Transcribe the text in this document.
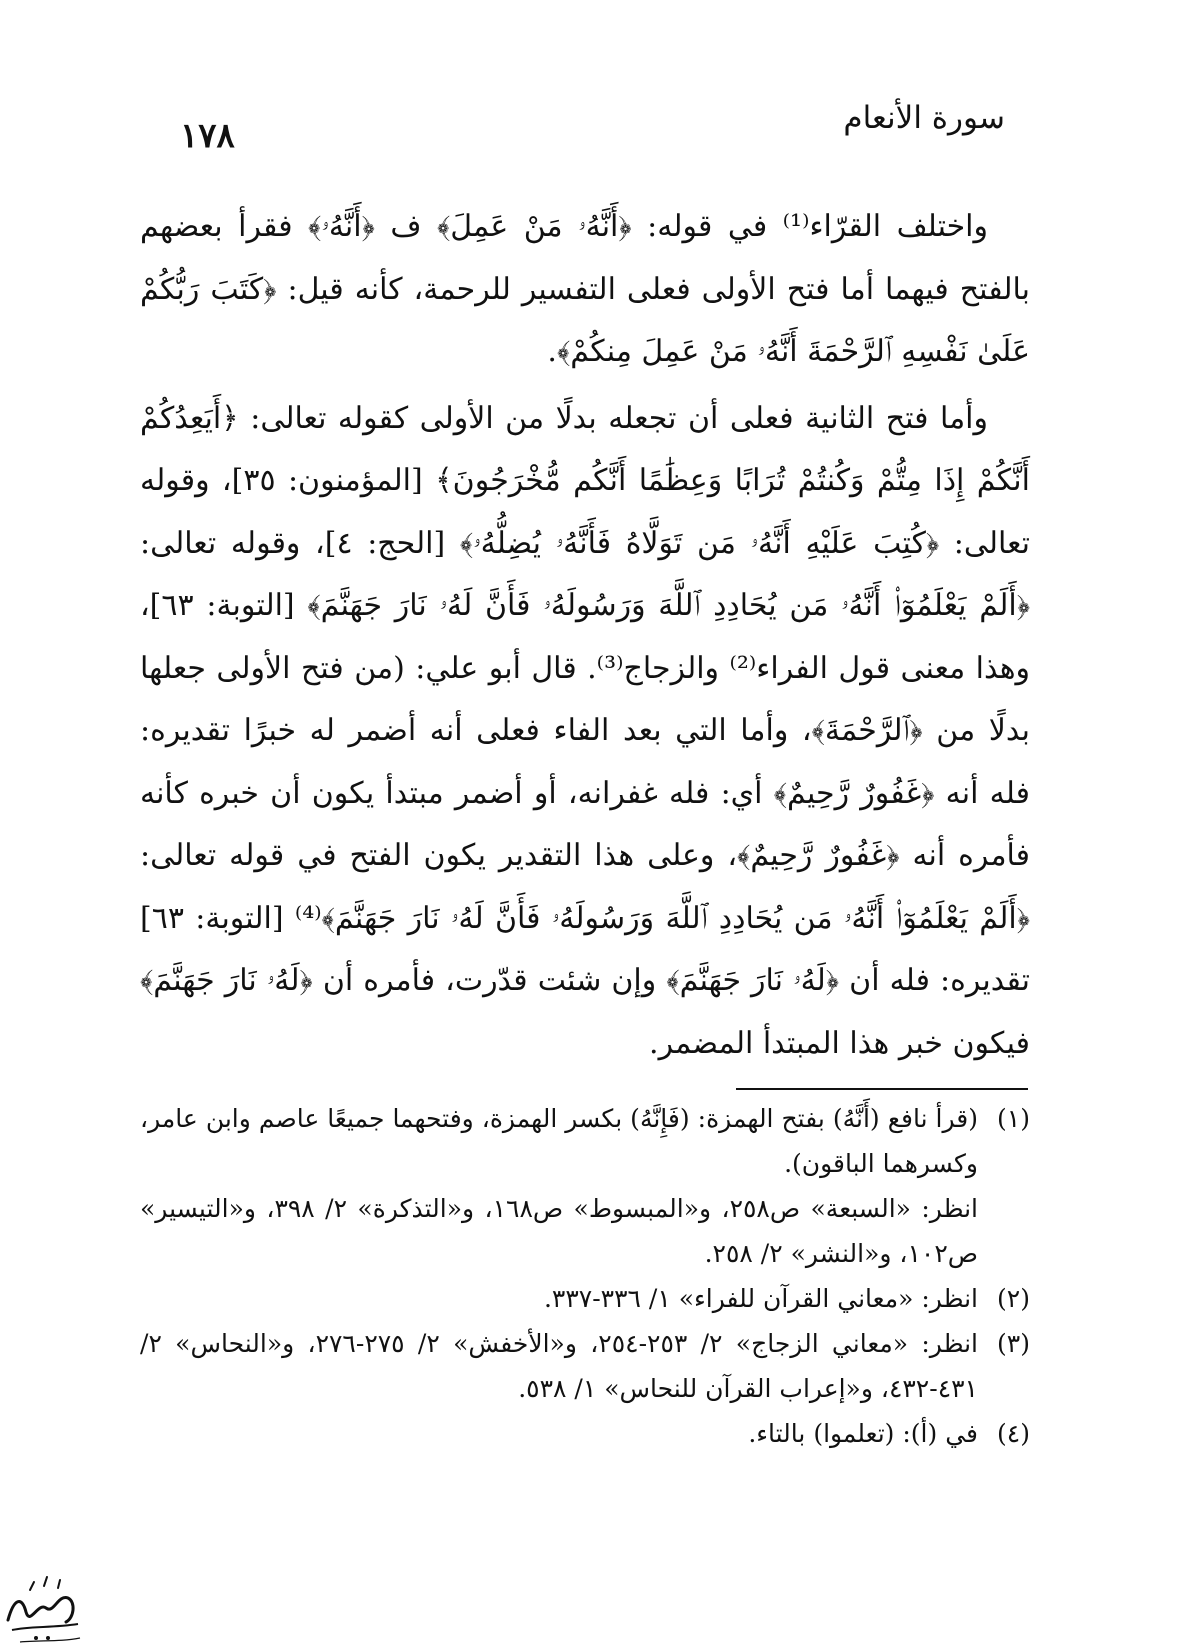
سورة الأنعام
١٧٨

واختلف القرّاء⁽¹⁾ في قوله: ﴿أَنَّهُۥ مَنْ عَمِلَ﴾ ف ﴿أَنَّهُۥ﴾ فقرأ بعضهم بالفتح فيهما أما فتح الأولى فعلى التفسير للرحمة، كأنه قيل: ﴿كَتَبَ رَبُّكُمْ عَلَىٰ نَفْسِهِ ٱلرَّحْمَةَ أَنَّهُۥ مَنْ عَمِلَ مِنكُمْ﴾.

وأما فتح الثانية فعلى أن تجعله بدلًا من الأولى كقوله تعالى: ﴿أَيَعِدُكُمْ أَنَّكُمْ إِذَا مِتُّمْ وَكُنتُمْ تُرَابًا وَعِظَٰمًا أَنَّكُم مُّخْرَجُونَ﴾ [المؤمنون: ٣٥]، وقوله تعالى: ﴿كُتِبَ عَلَيْهِ أَنَّهُۥ مَن تَوَلَّاهُ فَأَنَّهُۥ يُضِلُّهُۥ﴾ [الحج: ٤]، وقوله تعالى: ﴿أَلَمْ يَعْلَمُوٓا۟ أَنَّهُۥ مَن يُحَادِدِ ٱللَّهَ وَرَسُولَهُۥ فَأَنَّ لَهُۥ نَارَ جَهَنَّمَ﴾ [التوبة: ٦٣]، وهذا معنى قول الفراء⁽²⁾ والزجاج⁽³⁾. قال أبو علي: (من فتح الأولى جعلها بدلًا من ﴿ٱلرَّحْمَةَ﴾، وأما التي بعد الفاء فعلى أنه أضمر له خبرًا تقديره: فله أنه ﴿غَفُورٌ رَّحِيمٌ﴾ أي: فله غفرانه، أو أضمر مبتدأ يكون أن خبره كأنه فأمره أنه ﴿غَفُورٌ رَّحِيمٌ﴾، وعلى هذا التقدير يكون الفتح في قوله تعالى: ﴿أَلَمْ يَعْلَمُوٓا۟ أَنَّهُۥ مَن يُحَادِدِ ٱللَّهَ وَرَسُولَهُۥ فَأَنَّ لَهُۥ نَارَ جَهَنَّمَ﴾⁽⁴⁾ [التوبة: ٦٣] تقديره: فله أن ﴿لَهُۥ نَارَ جَهَنَّمَ﴾ وإن شئت قدّرت، فأمره أن ﴿لَهُۥ نَارَ جَهَنَّمَ﴾ فيكون خبر هذا المبتدأ المضمر.

(١)

(قرأ نافع (أَنَّهُ) بفتح الهمزة: (فَإِنَّهُ) بكسر الهمزة، وفتحهما جميعًا عاصم وابن عامر، وكسرهما الباقون).

انظر: «السبعة» ص٢٥٨، و«المبسوط» ص١٦٨، و«التذكرة» ٢/ ٣٩٨، و«التيسير» ص١٠٢، و«النشر» ٢/ ٢٥٨.

(٢)

انظر: «معاني القرآن للفراء» ١/ ٣٣٦-٣٣٧.

(٣)

انظر: «معاني الزجاج» ٢/ ٢٥٣-٢٥٤، و«الأخفش» ٢/ ٢٧٥-٢٧٦، و«النحاس» ٢/ ٤٣١-٤٣٢، و«إعراب القرآن للنحاس» ١/ ٥٣٨.

(٤)

في (أ): (تعلموا) بالتاء.
